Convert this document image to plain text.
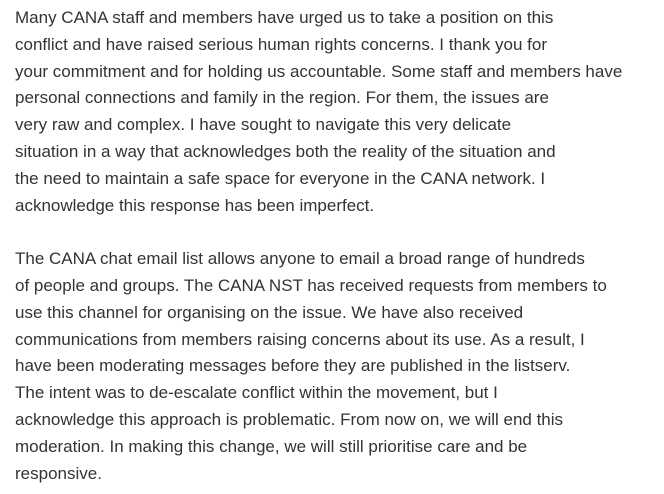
Many CANA staff and members have urged us to take a position on this
conflict and have raised serious human rights concerns. I thank you for
your commitment and for holding us accountable. Some staff and members have
personal connections and family in the region. For them, the issues are
very raw and complex. I have sought to navigate this very delicate
situation in a way that acknowledges both the reality of the situation and
the need to maintain a safe space for everyone in the CANA network. I
acknowledge this response has been imperfect.

The CANA chat email list allows anyone to email a broad range of hundreds
of people and groups. The CANA NST has received requests from members to
use this channel for organising on the issue. We have also received
communications from members raising concerns about its use. As a result, I
have been moderating messages before they are published in the listserv.
The intent was to de-escalate conflict within the movement, but I
acknowledge this approach is problematic. From now on, we will end this
moderation. In making this change, we will still prioritise care and be
responsive.
